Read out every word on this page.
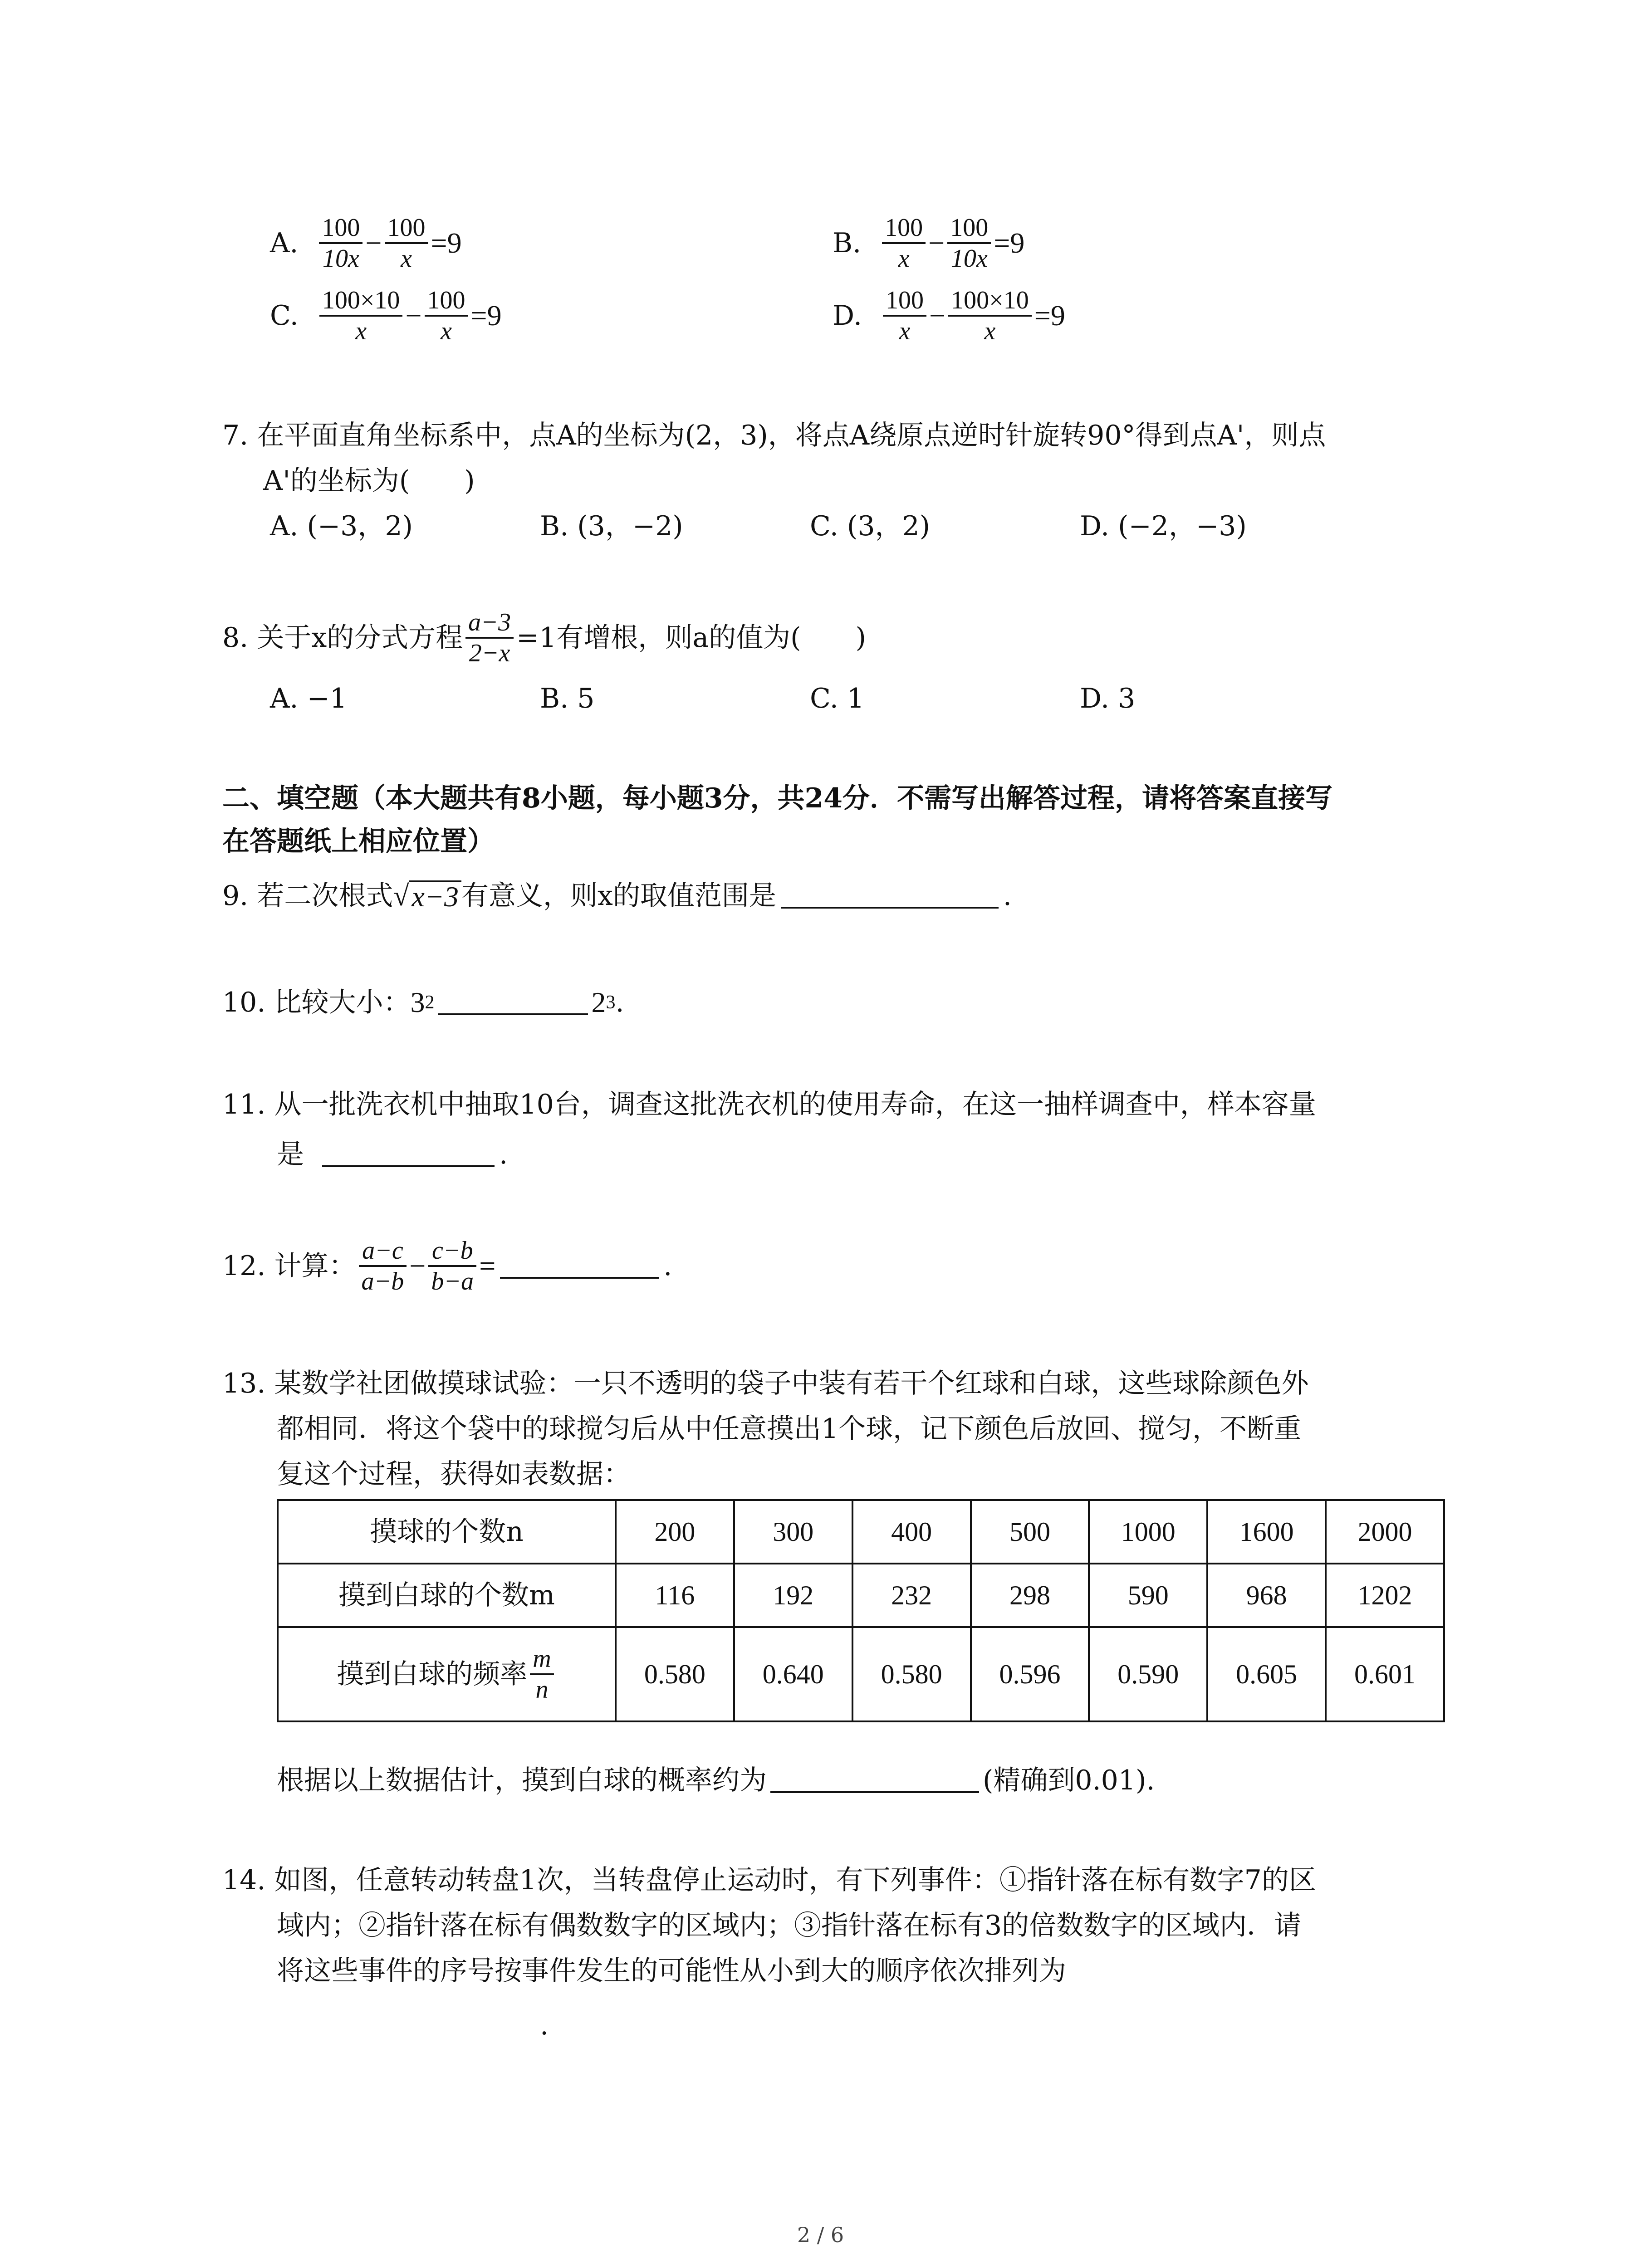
A. $\frac{100}{10x} - \frac{100}{x} =9$	B. $\frac{100}{x} - \frac{100}{10x} =9$
C. $\frac{100\times 10}{x} - \frac{100}{x} =9$	D. $\frac{100}{x} - \frac{100\times 10}{x} =9$
7. 在平面直角坐标系中，点A的坐标为(2，3)，将点A绕原点逆时针旋转90°得到点A'，则点
A'的坐标为(　　)
A. (−3，2)	B. (3，−2)	C. (3，2)	D. (−2，−3)
8. 关于x的分式方程 $\frac{a-3}{2-x} =1$有增根，则a的值为(　　)
A. −1	B. 5	C. 1	D. 3
二、填空题（本大题共有8小题，每小题3分，共24分．不需写出解答过程，请将答案直接写
在答题纸上相应位置）
9. 若二次根式 √ x−3 有意义，则x的取值范围是	.
10. 比较大小： 3 2	2 3 .
11. 从一批洗衣机中抽取10台，调查这批洗衣机的使用寿命，在这一抽样调查中，样本容量
是	.
12. 计算： $\frac{a-c}{a-b} - \frac{c-b}{b-a}$ =	.
13. 某数学社团做摸球试验：一只不透明的袋子中装有若干个红球和白球，这些球除颜色外
都相同．将这个袋中的球搅匀后从中任意摸出1个球，记下颜色后放回、搅匀，不断重
复这个过程，获得如表数据：
摸球的个数n	200	300	400	500	1000	1600	2000
摸到白球的个数m	116	192	232	298	590	968	1202

摸到白球的频率 $\frac{m}{n}$	0.580	0.640	0.580	0.596	0.590	0.605	0.601
根据以上数据估计，摸到白球的概率约为	(精确到0.01).
14. 如图，任意转动转盘1次，当转盘停止运动时，有下列事件：①指针落在标有数字7的区
域内；②指针落在标有偶数数字的区域内；③指针落在标有3的倍数数字的区域内．请
将这些事件的序号按事件发生的可能性从小到大的顺序依次排列为
.
2 / 6
